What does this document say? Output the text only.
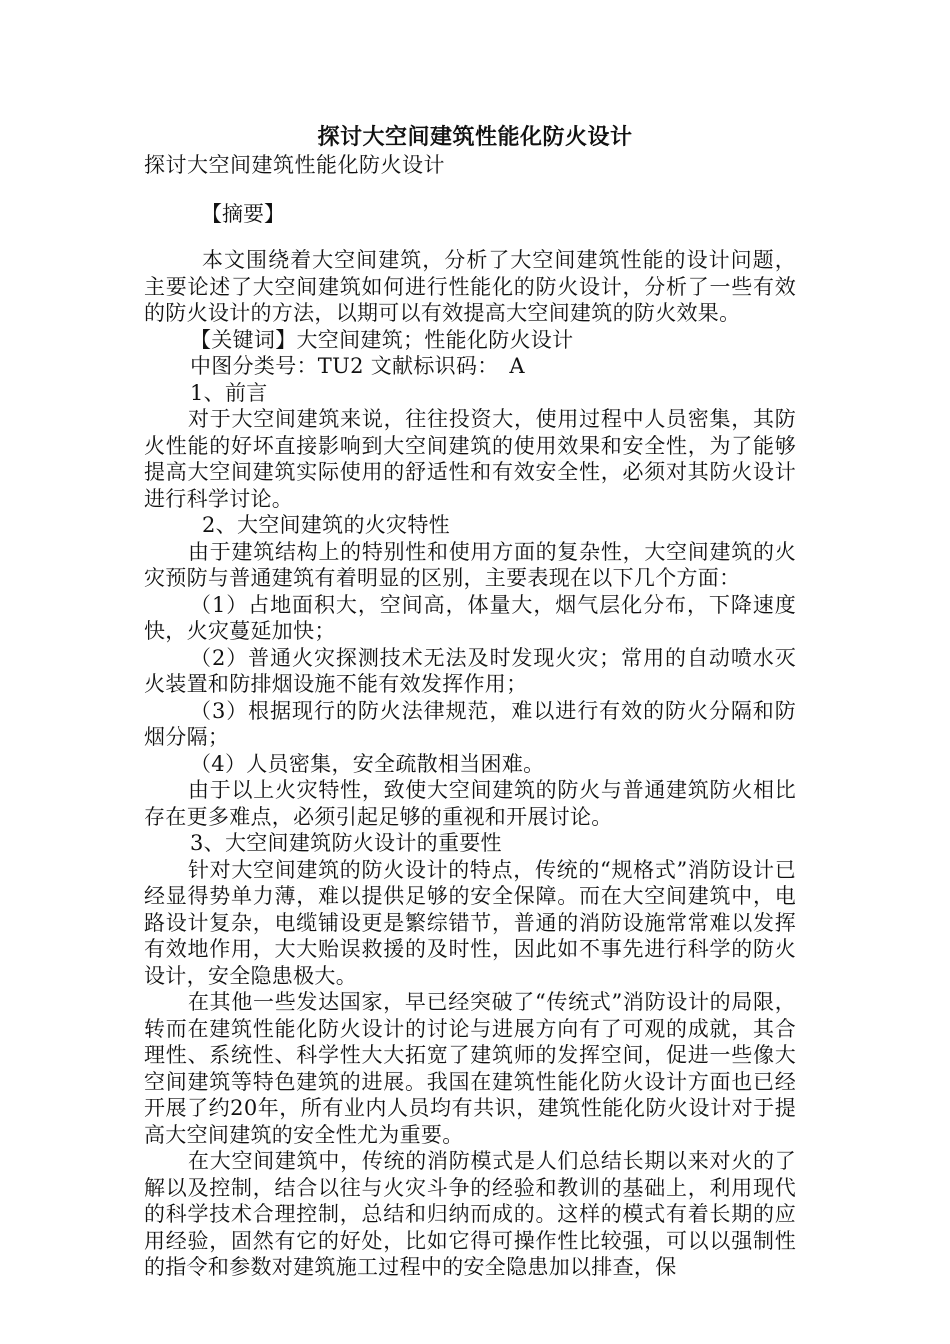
探讨大空间建筑性能化防火设计
探讨大空间建筑性能化防火设计
【摘要】

本文围绕着大空间建筑，分析了大空间建筑性能的设计问题，主要论述了大空间建筑如何进行性能化的防火设计，分析了一些有效的防火设计的方法，以期可以有效提高大空间建筑的防火效果。

【关键词】大空间建筑；性能化防火设计

中图分类号：TU2 文献标识码：　A

1、前言

对于大空间建筑来说，往往投资大，使用过程中人员密集，其防火性能的好坏直接影响到大空间建筑的使用效果和安全性，为了能够提高大空间建筑实际使用的舒适性和有效安全性，必须对其防火设计进行科学讨论。

2、大空间建筑的火灾特性

由于建筑结构上的特别性和使用方面的复杂性，大空间建筑的火灾预防与普通建筑有着明显的区别，主要表现在以下几个方面：

（1）占地面积大，空间高，体量大，烟气层化分布，下降速度快，火灾蔓延加快；

（2）普通火灾探测技术无法及时发现火灾；常用的自动喷水灭火装置和防排烟设施不能有效发挥作用；

（3）根据现行的防火法律规范，难以进行有效的防火分隔和防烟分隔；

（4）人员密集，安全疏散相当困难。

由于以上火灾特性，致使大空间建筑的防火与普通建筑防火相比存在更多难点，必须引起足够的重视和开展讨论。

3、大空间建筑防火设计的重要性

针对大空间建筑的防火设计的特点，传统的“规格式”消防设计已经显得势单力薄，难以提供足够的安全保障。而在大空间建筑中，电路设计复杂，电缆铺设更是繁综错节，普通的消防设施常常难以发挥有效地作用，大大贻误救援的及时性，因此如不事先进行科学的防火设计，安全隐患极大。

在其他一些发达国家，早已经突破了“传统式”消防设计的局限，转而在建筑性能化防火设计的讨论与进展方向有了可观的成就，其合理性、系统性、科学性大大拓宽了建筑师的发挥空间，促进一些像大空间建筑等特色建筑的进展。我国在建筑性能化防火设计方面也已经开展了约20年，所有业内人员均有共识，建筑性能化防火设计对于提高大空间建筑的安全性尤为重要。

在大空间建筑中，传统的消防模式是人们总结长期以来对火的了解以及控制，结合以往与火灾斗争的经验和教训的基础上，利用现代的科学技术合理控制，总结和归纳而成的。这样的模式有着长期的应用经验，固然有它的好处，比如它得可操作性比较强，可以以强制性的指令和参数对建筑施工过程中的安全隐患加以排查，保
